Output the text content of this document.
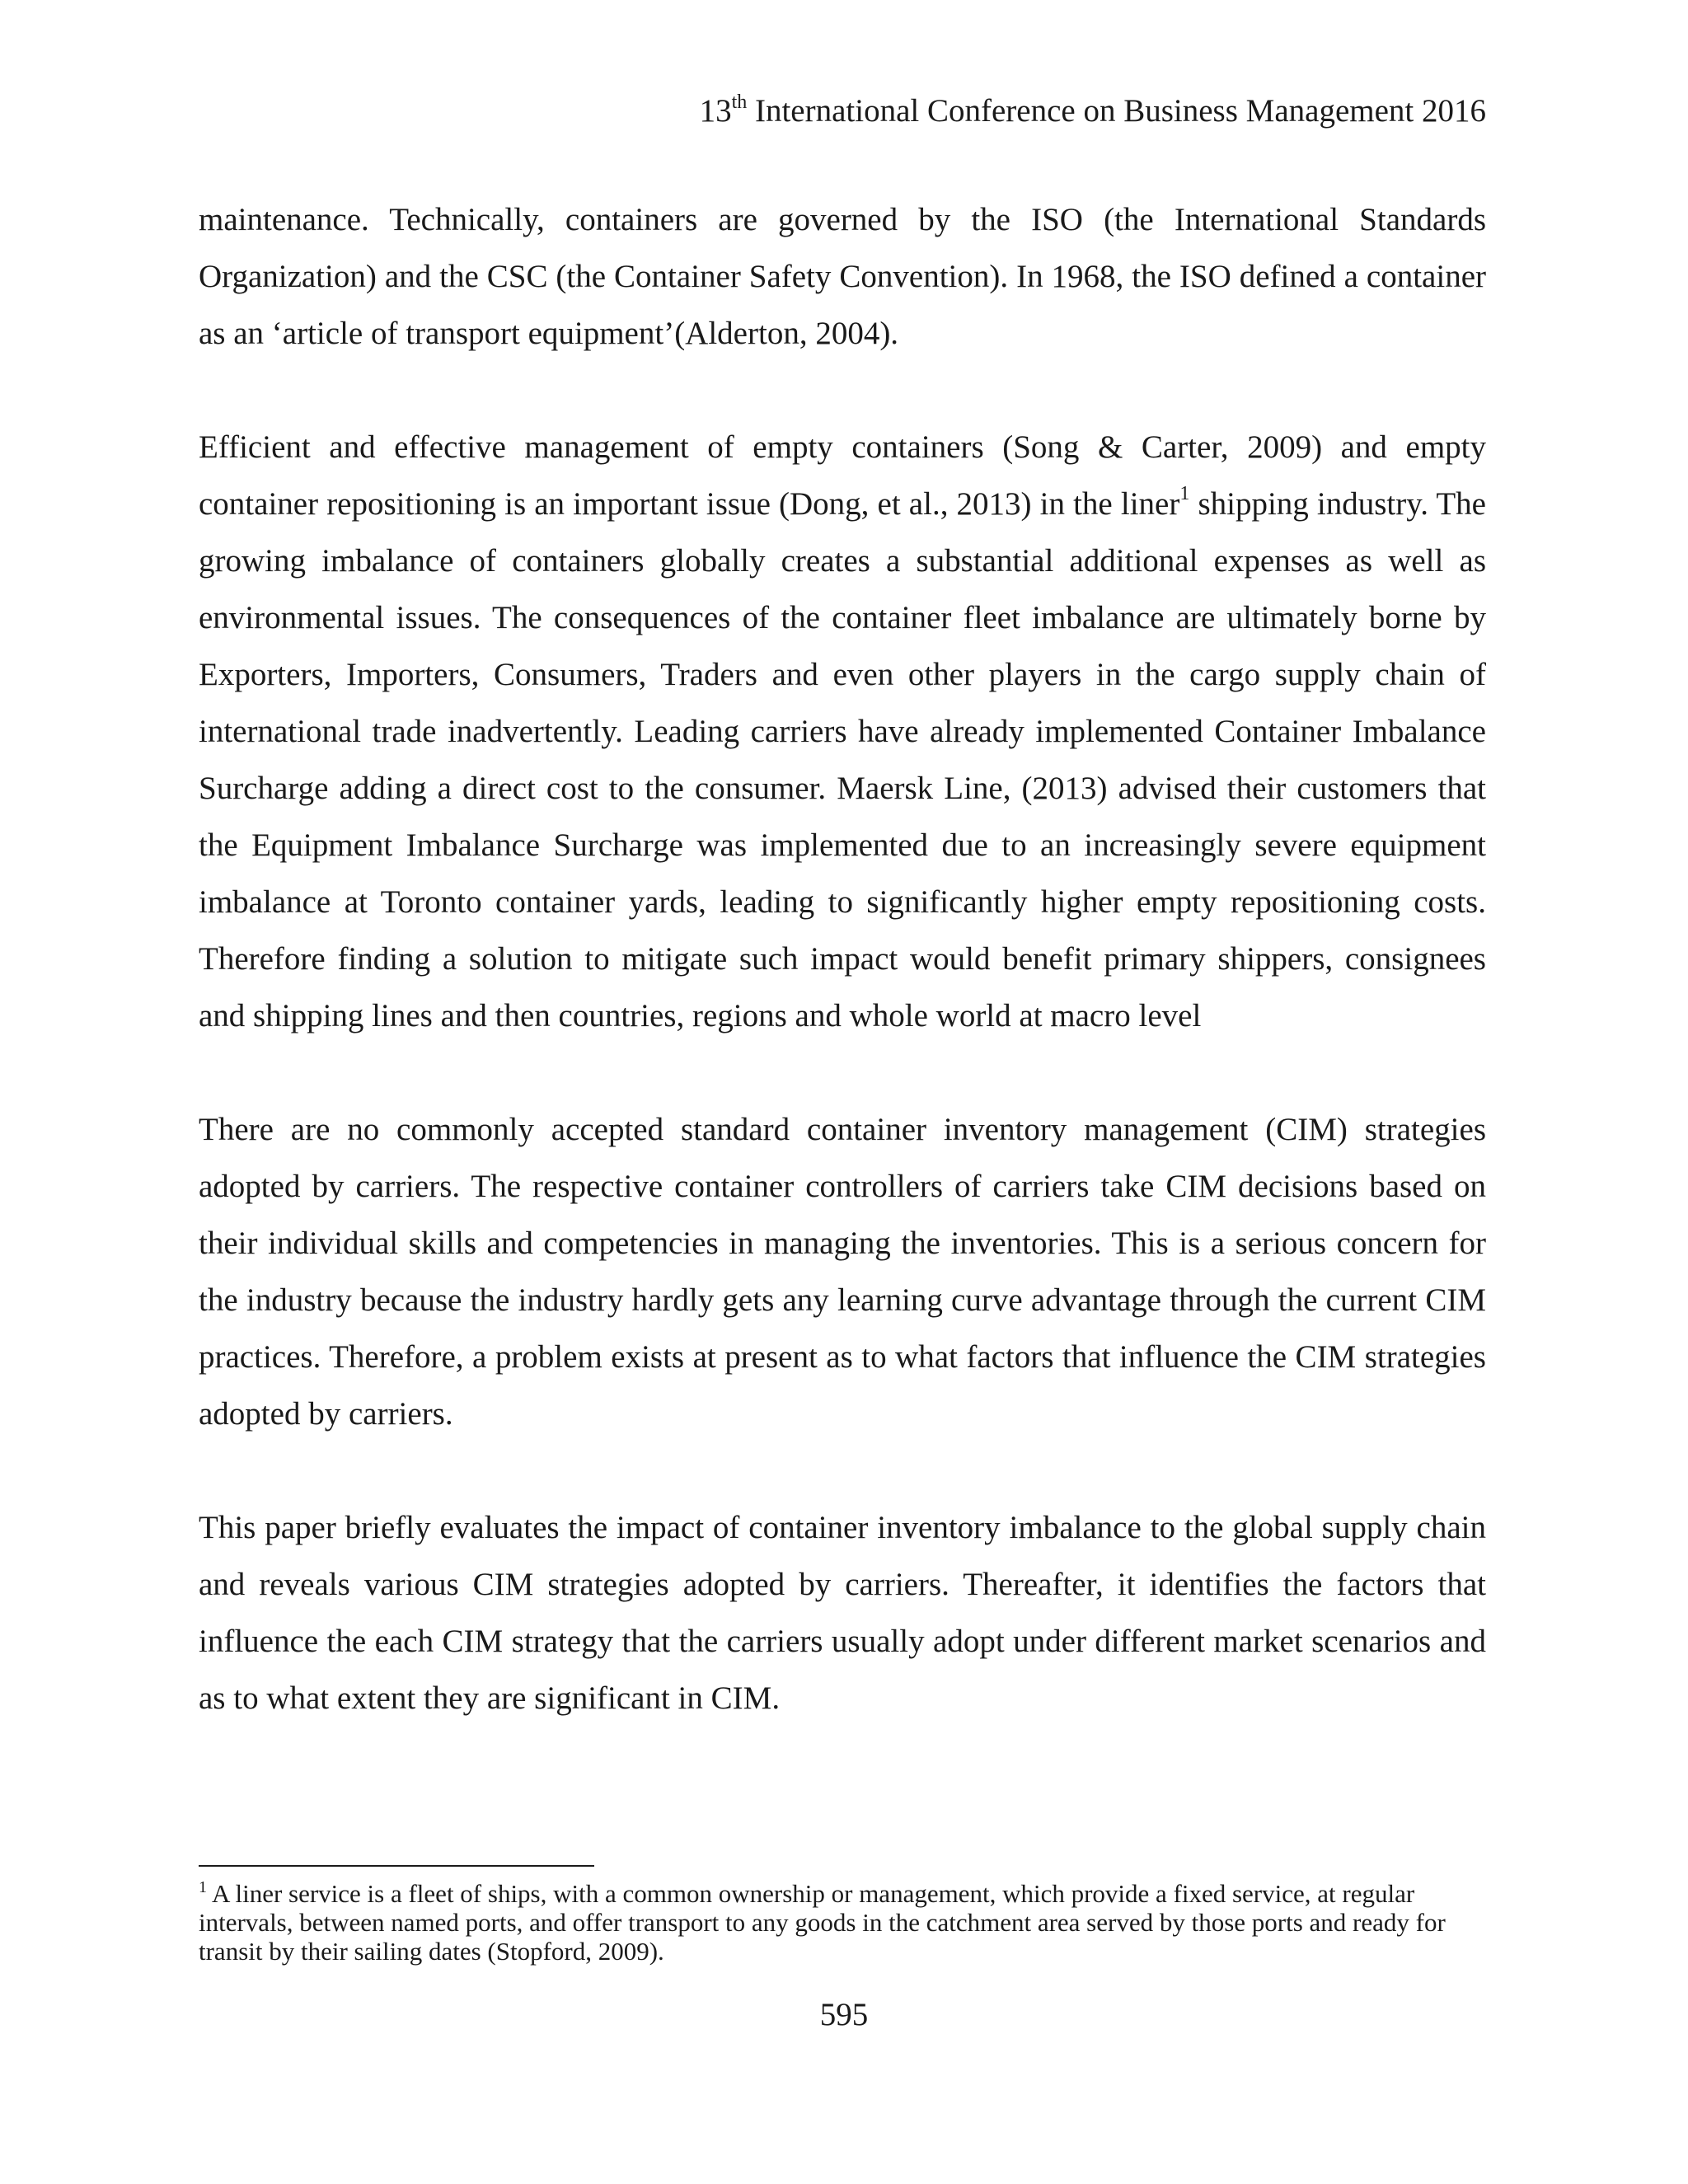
13th International Conference on Business Management 2016

maintenance. Technically, containers are governed by the ISO (the International Standards Organization) and the CSC (the Container Safety Convention). In 1968, the ISO defined a container as an ‘article of transport equipment’(Alderton, 2004).

Efficient and effective management of empty containers (Song & Carter, 2009) and empty container repositioning is an important issue (Dong, et al., 2013) in the liner$^1$ shipping industry. The growing imbalance of containers globally creates a substantial additional expenses as well as environmental issues. The consequences of the container fleet imbalance are ultimately borne by Exporters, Importers, Consumers, Traders and even other players in the cargo supply chain of international trade inadvertently. Leading carriers have already implemented Container Imbalance Surcharge adding a direct cost to the consumer. Maersk Line, (2013) advised their customers that the Equipment Imbalance Surcharge was implemented due to an increasingly severe equipment imbalance at Toronto container yards, leading to significantly higher empty repositioning costs. Therefore finding a solution to mitigate such impact would benefit primary shippers, consignees and shipping lines and then countries, regions and whole world at macro level

There are no commonly accepted standard container inventory management (CIM) strategies adopted by carriers. The respective container controllers of carriers take CIM decisions based on their individual skills and competencies in managing the inventories. This is a serious concern for the industry because the industry hardly gets any learning curve advantage through the current CIM practices. Therefore, a problem exists at present as to what factors that influence the CIM strategies adopted by carriers.

This paper briefly evaluates the impact of container inventory imbalance to the global supply chain and reveals various CIM strategies adopted by carriers. Thereafter, it identifies the factors that influence the each CIM strategy that the carriers usually adopt under different market scenarios and as to what extent they are significant in CIM.

$^1$ A liner service is a fleet of ships, with a common ownership or management, which provide a fixed service, at regular intervals, between named ports, and offer transport to any goods in the catchment area served by those ports and ready for transit by their sailing dates (Stopford, 2009).
595
